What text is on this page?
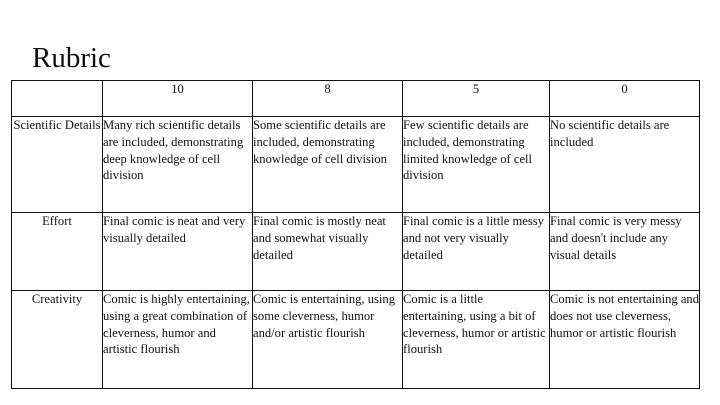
Rubric
	10	8	5	0
Scientific Details	Many rich scientific details are included, demonstrating deep knowledge of cell division	Some scientific details are included, demonstrating knowledge of cell division	Few scientific details are included, demonstrating limited knowledge of cell division	No scientific details are included
Effort	Final comic is neat and very visually detailed	Final comic is mostly neat and somewhat visually detailed	Final comic is a little messy and not very visually detailed	Final comic is very messy and doesn't include any visual details
Creativity	Comic is highly entertaining, using a great combination of cleverness, humor and artistic flourish	Comic is entertaining, using some cleverness, humor and/or artistic flourish	Comic is a little entertaining, using a bit of cleverness, humor or artistic flourish	Comic is not entertaining and does not use cleverness, humor or artistic flourish
